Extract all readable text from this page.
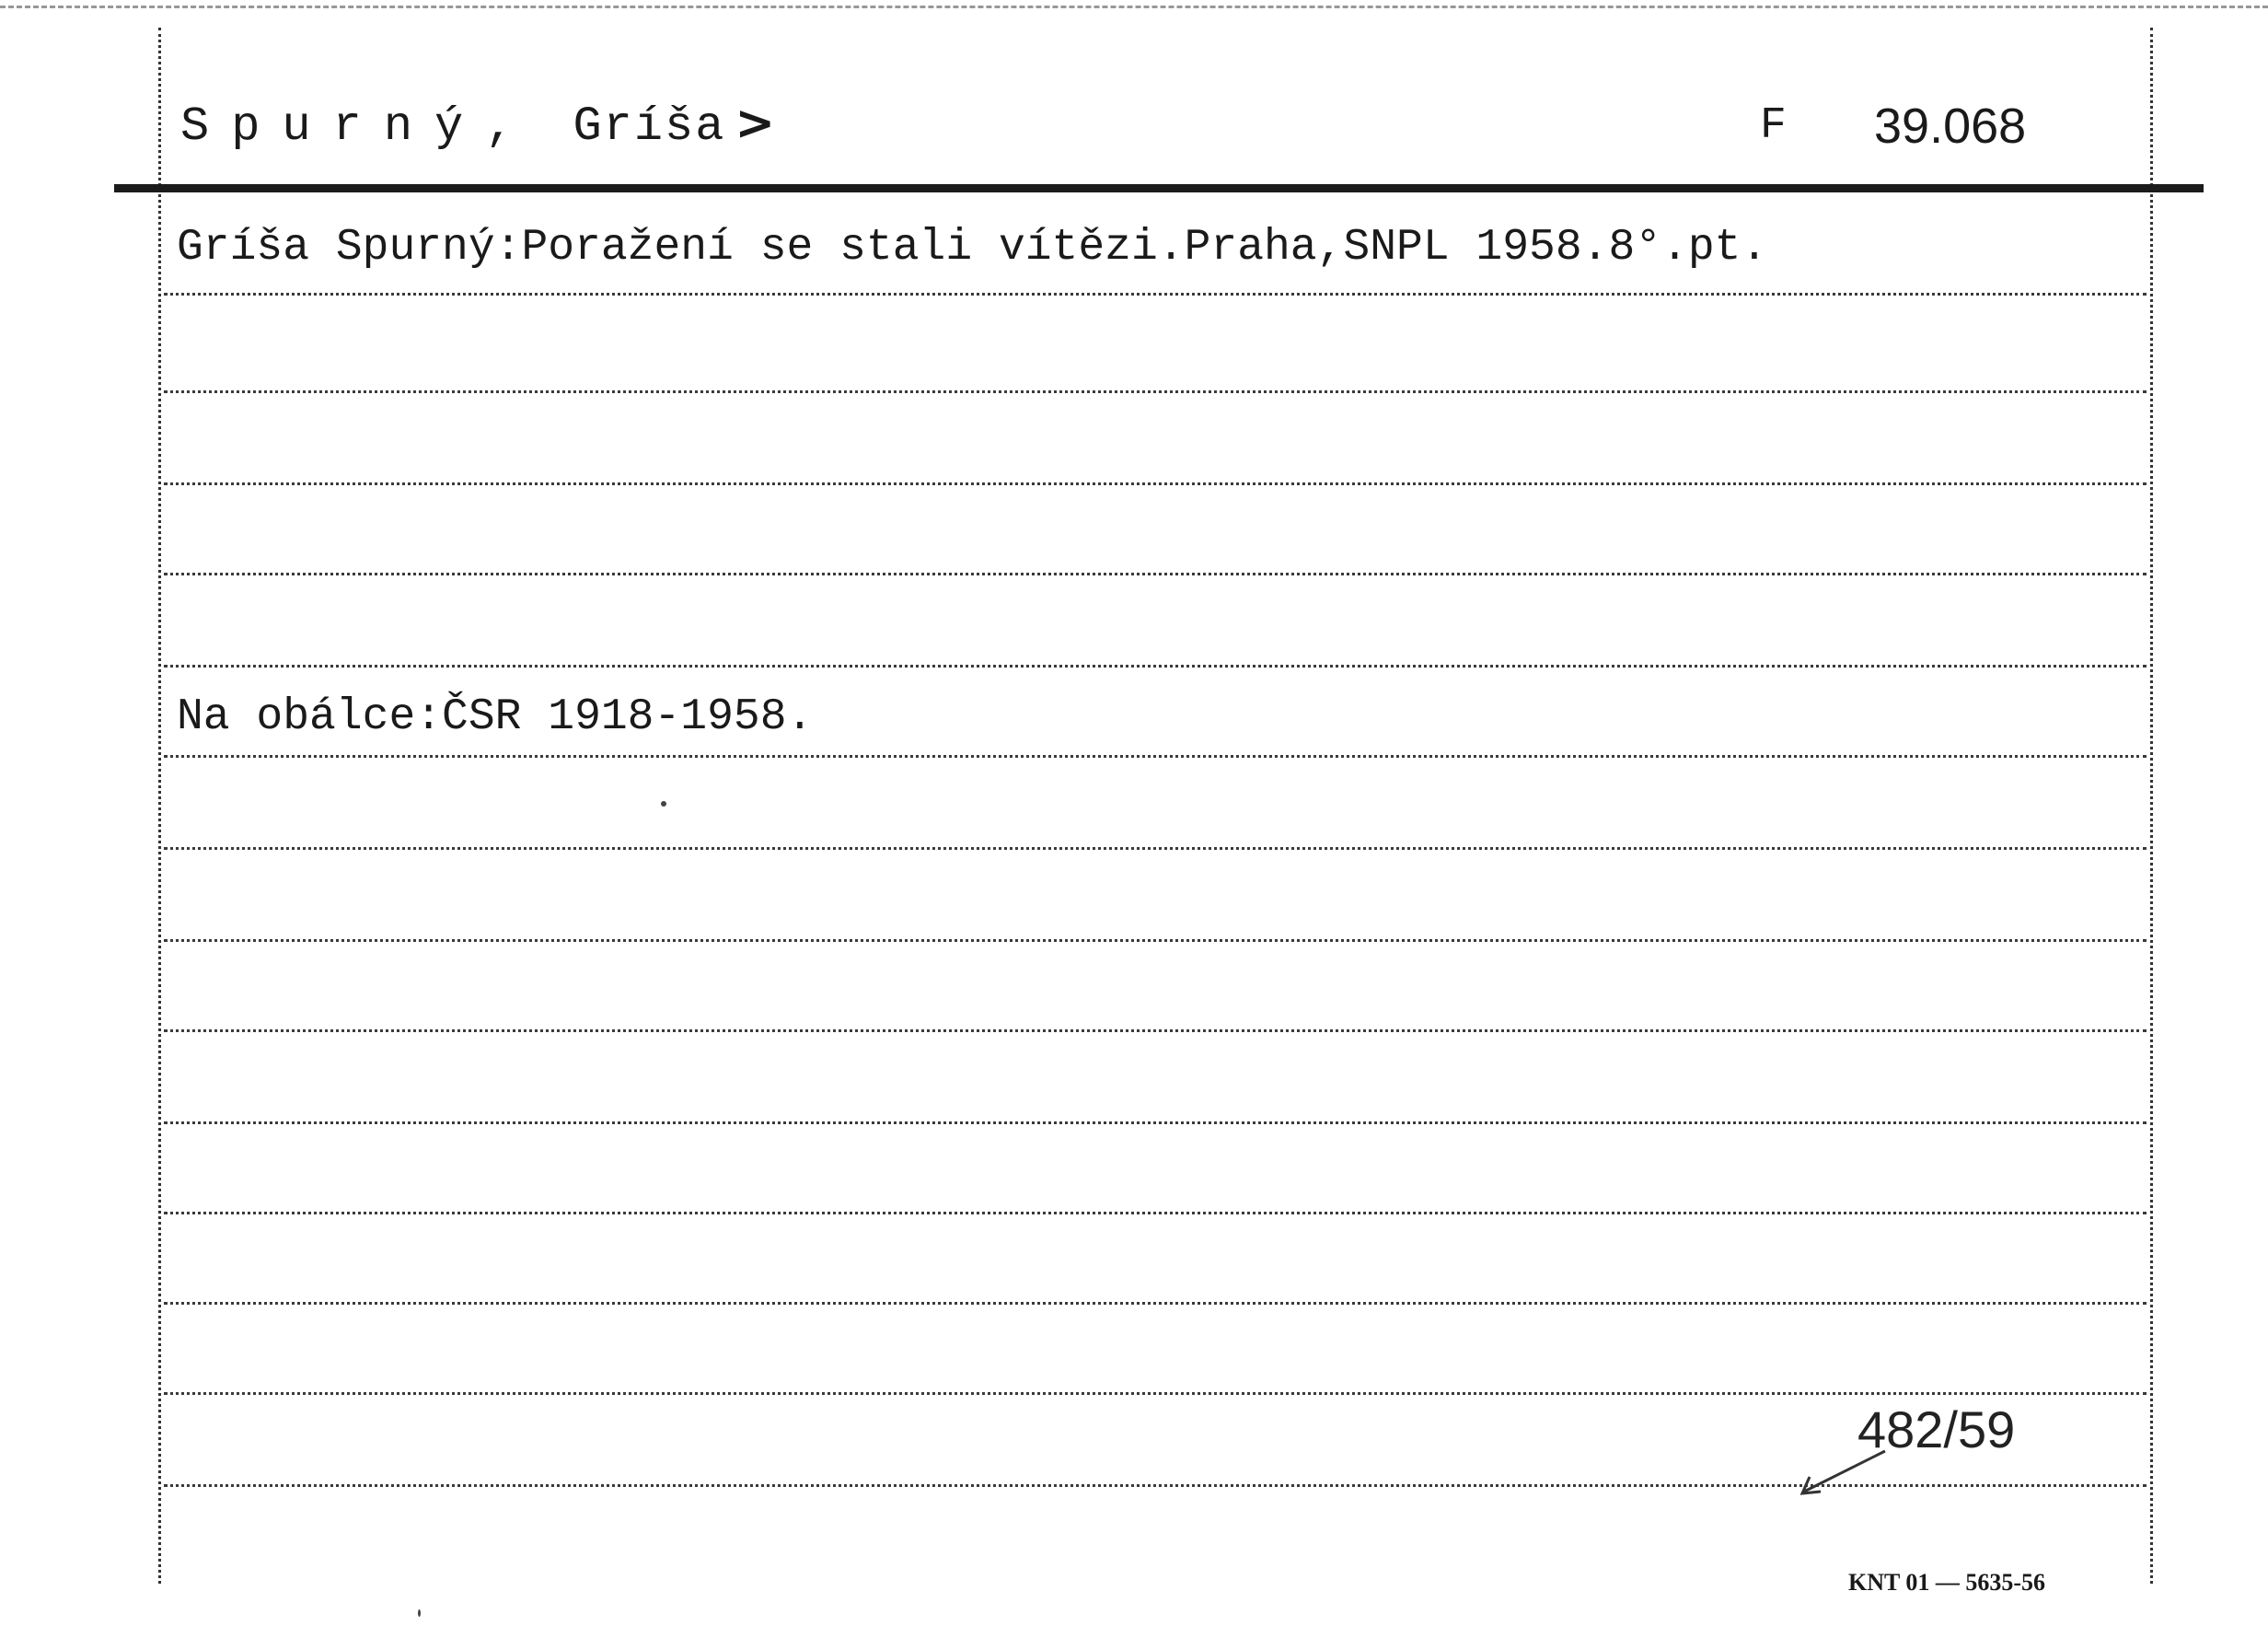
Spurný, Gríša >	F 39.068
Gríša Spurný:Poražení se stali vítězi.Praha,SNPL 1958.8°.pt.
Na obálce:ČSR 1918-1958.
482/59
KNT 01 — 5635-56
